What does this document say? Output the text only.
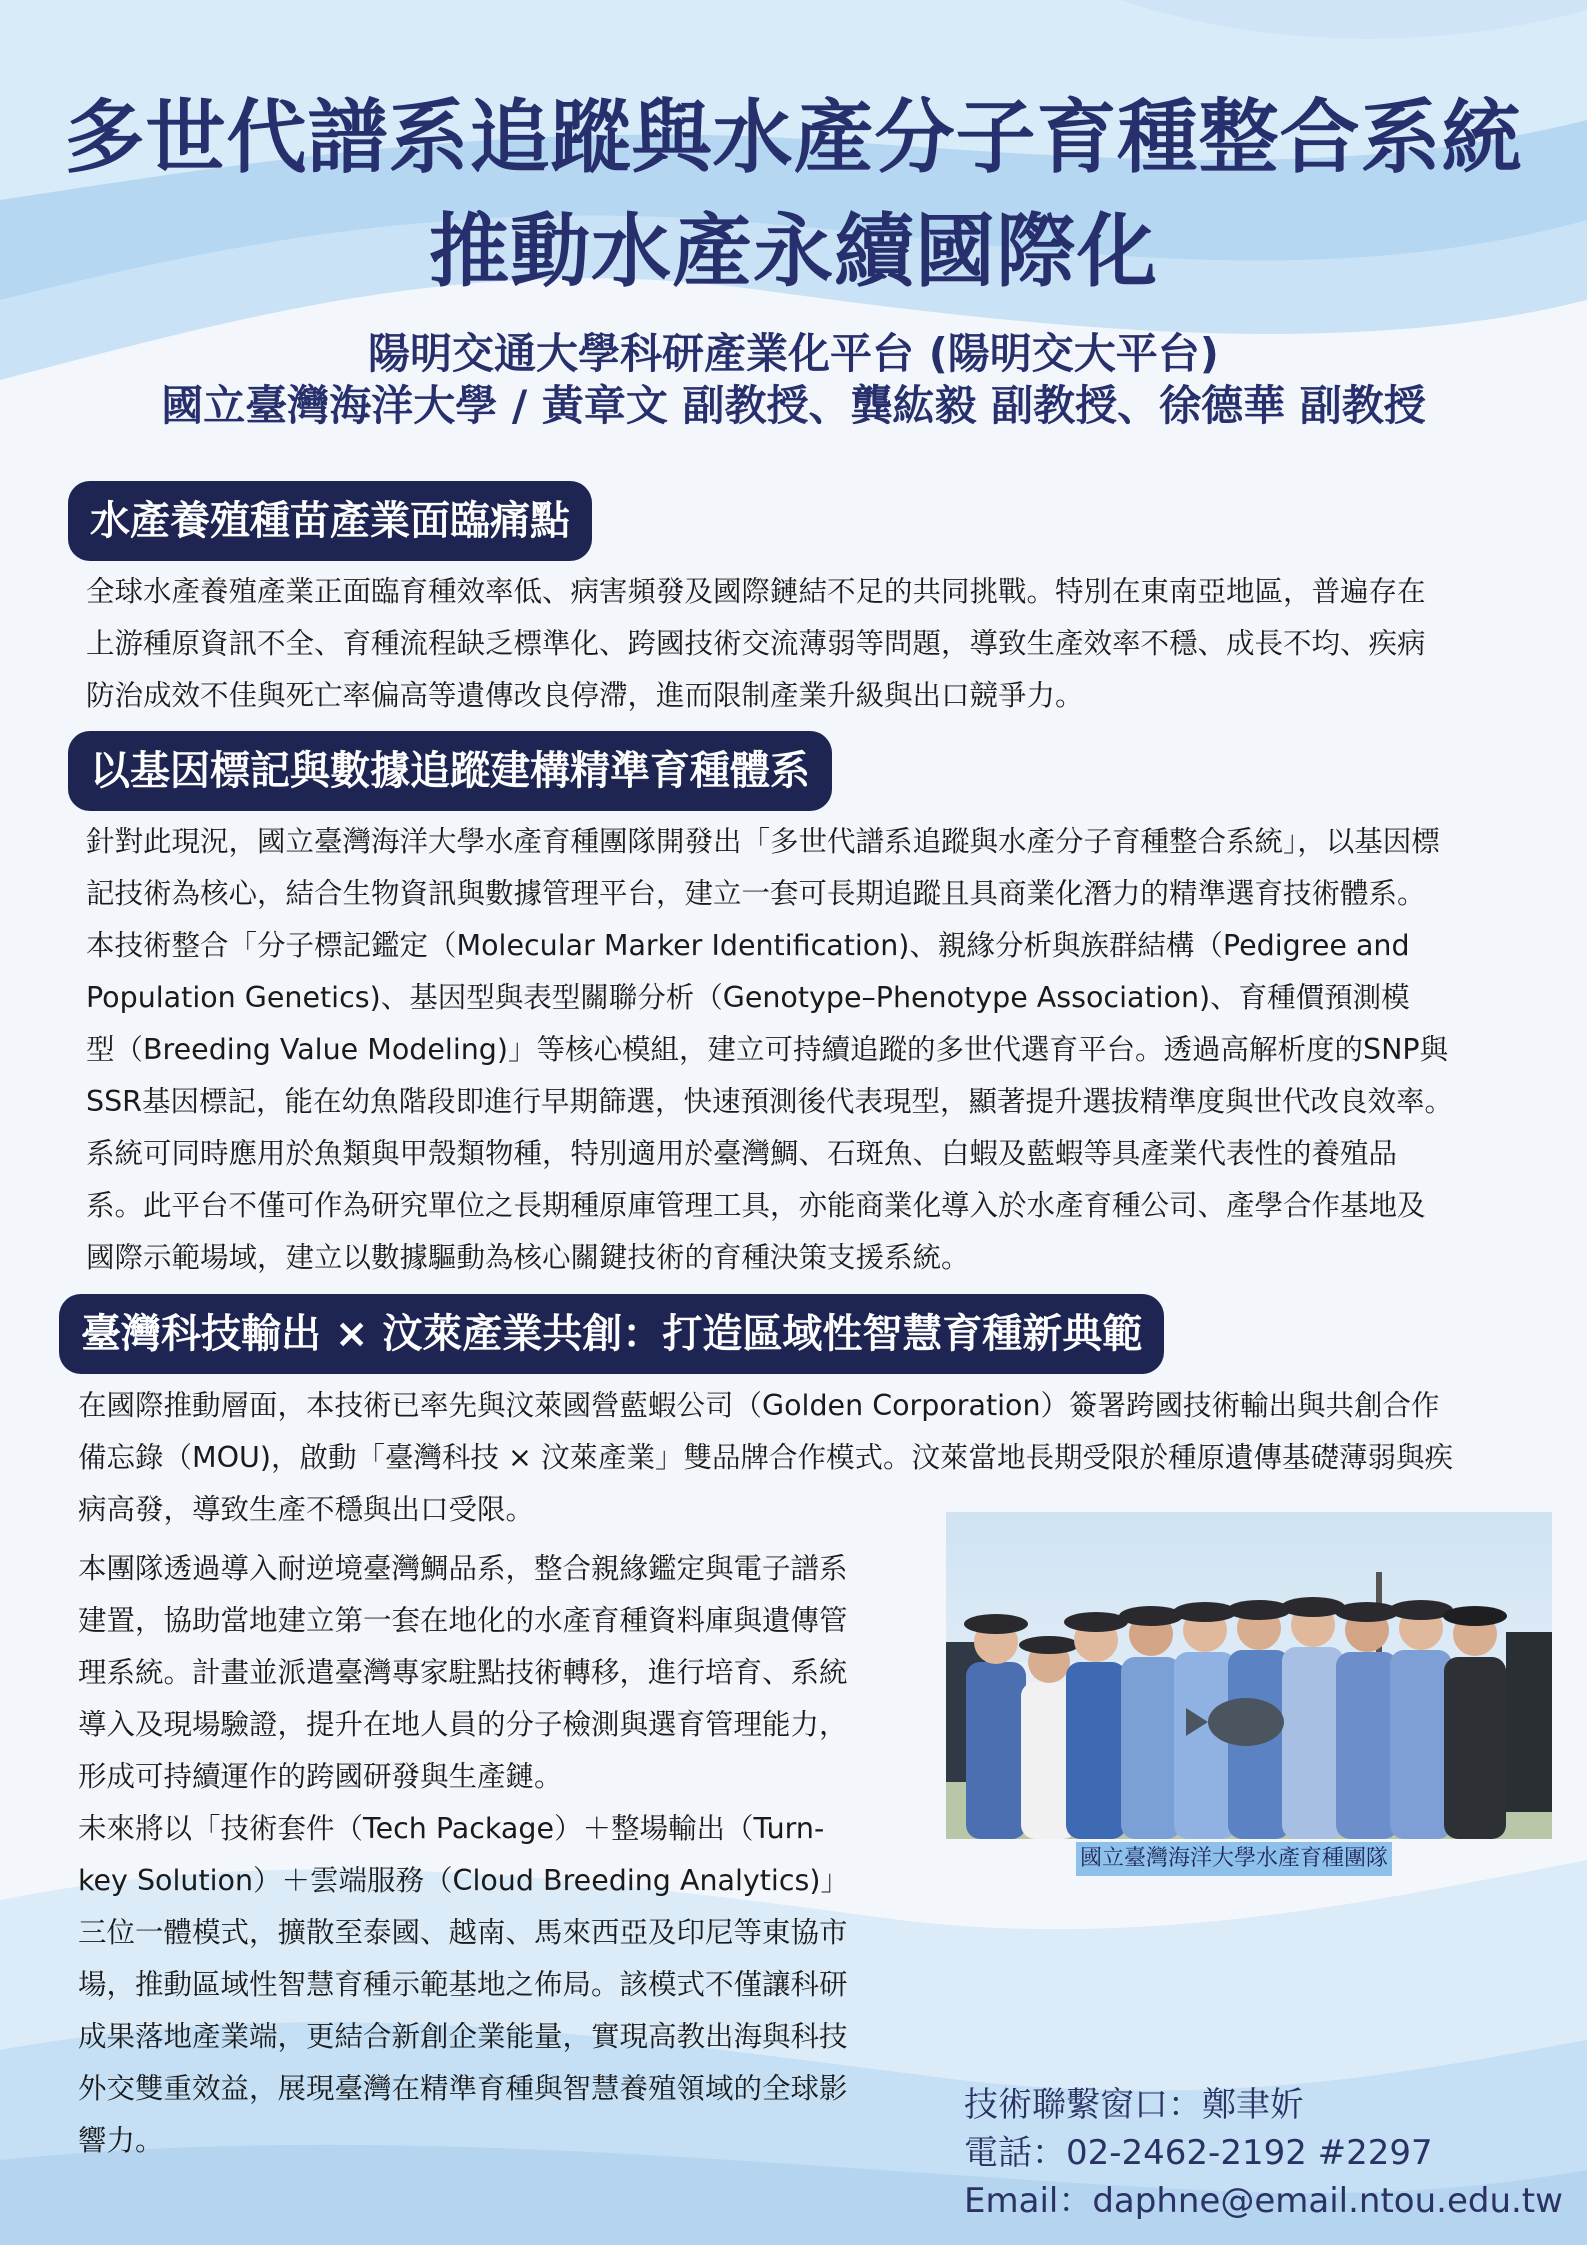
多世代譜系追蹤與水產分子育種整合系統
推動水產永續國際化
陽明交通大學科研產業化平台 (陽明交大平台)
國立臺灣海洋大學 / 黃章文 副教授、龔紘毅 副教授、徐德華 副教授
水產養殖種苗產業面臨痛點
全球水產養殖產業正面臨育種效率低、病害頻發及國際鏈結不足的共同挑戰。特別在東南亞地區，普遍存在
上游種原資訊不全、育種流程缺乏標準化、跨國技術交流薄弱等問題，導致生產效率不穩、成長不均、疾病
防治成效不佳與死亡率偏高等遺傳改良停滯，進而限制產業升級與出口競爭力。
以基因標記與數據追蹤建構精準育種體系
針對此現況，國立臺灣海洋大學水產育種團隊開發出「多世代譜系追蹤與水產分子育種整合系統」，以基因標
記技術為核心，結合生物資訊與數據管理平台，建立一套可長期追蹤且具商業化潛力的精準選育技術體系。
本技術整合「分子標記鑑定（Molecular Marker Identification)、親緣分析與族群結構（Pedigree and
Population Genetics)、基因型與表型關聯分析（Genotype–Phenotype Association)、育種價預測模
型（Breeding Value Modeling)」等核心模組，建立可持續追蹤的多世代選育平台。透過高解析度的SNP與
SSR基因標記，能在幼魚階段即進行早期篩選，快速預測後代表現型，顯著提升選拔精準度與世代改良效率。
系統可同時應用於魚類與甲殼類物種，特別適用於臺灣鯛、石斑魚、白蝦及藍蝦等具產業代表性的養殖品
系。此平台不僅可作為研究單位之長期種原庫管理工具，亦能商業化導入於水產育種公司、產學合作基地及
國際示範場域，建立以數據驅動為核心關鍵技術的育種決策支援系統。
臺灣科技輸出 × 汶萊產業共創：打造區域性智慧育種新典範
在國際推動層面，本技術已率先與汶萊國營藍蝦公司（Golden Corporation）簽署跨國技術輸出與共創合作
備忘錄（MOU)，啟動「臺灣科技 × 汶萊產業」雙品牌合作模式。汶萊當地長期受限於種原遺傳基礎薄弱與疾
病高發，導致生產不穩與出口受限。
本團隊透過導入耐逆境臺灣鯛品系，整合親緣鑑定與電子譜系
建置，協助當地建立第一套在地化的水產育種資料庫與遺傳管
理系統。計畫並派遣臺灣專家駐點技術轉移，進行培育、系統
導入及現場驗證，提升在地人員的分子檢測與選育管理能力，
形成可持續運作的跨國研發與生產鏈。
未來將以「技術套件（Tech Package）＋整場輸出（Turn-
key Solution）＋雲端服務（Cloud Breeding Analytics)」
三位一體模式，擴散至泰國、越南、馬來西亞及印尼等東協市
場，推動區域性智慧育種示範基地之佈局。該模式不僅讓科研
成果落地產業端，更結合新創企業能量，實現高教出海與科技
外交雙重效益，展現臺灣在精準育種與智慧養殖領域的全球影
響力。
國立臺灣海洋大學水產育種團隊
技術聯繫窗口：鄭聿妡
電話：02-2462-2192 #2297
Email：daphne@email.ntou.edu.tw
